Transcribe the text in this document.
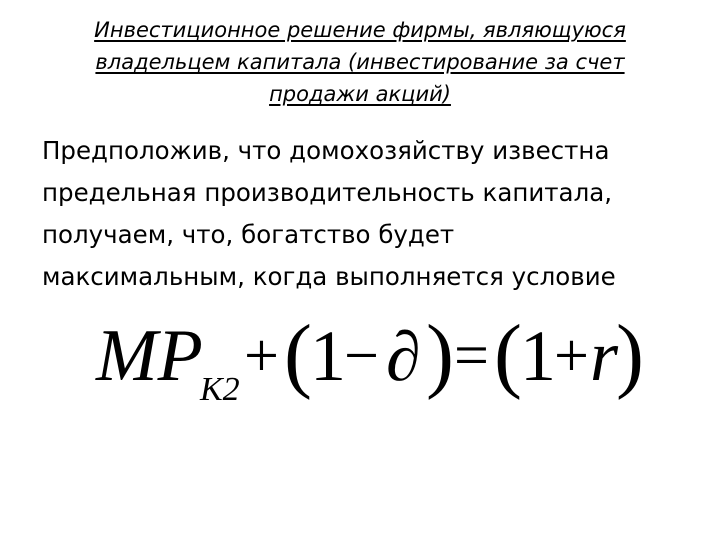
Инвестиционное решение фирмы, являющуюся
владельцем капитала (инвестирование за счет
продажи акций)
Предположив, что домохозяйству известна
предельная производительность капитала,
получаем, что, богатство будет
максимальным, когда выполняется условие
MP
K2 + (
1
− ∂ ) = (
1
+ r
)
